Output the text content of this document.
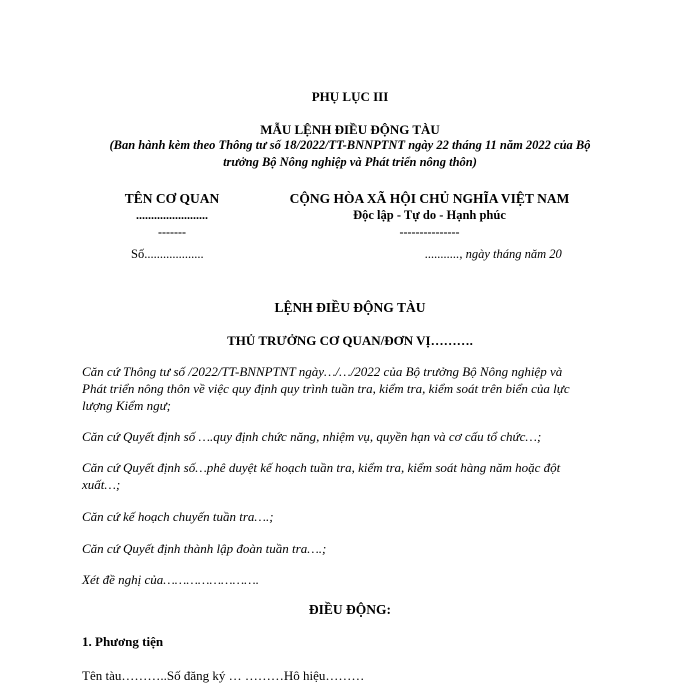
PHỤ LỤC III
MẪU LỆNH ĐIỀU ĐỘNG TÀU
(Ban hành kèm theo Thông tư số 18/2022/TT-BNNPTNT ngày 22 tháng 11 năm 2022 của Bộ
trưởng Bộ Nông nghiệp và Phát triển nông thôn)
TÊN CƠ QUAN
........................
-------
Số...................
CỘNG HÒA XÃ HỘI CHỦ NGHĨA VIỆT NAM
Độc lập - Tự do - Hạnh phúc
---------------
..........., ngày tháng năm 20
LỆNH ĐIỀU ĐỘNG TÀU
THỦ TRƯỞNG CƠ QUAN/ĐƠN VỊ……….
Căn cứ Thông tư số /2022/TT-BNNPTNT ngày…/…/2022 của Bộ trưởng Bộ Nông nghiệp và
Phát triển nông thôn về việc quy định quy trình tuần tra, kiểm tra, kiểm soát trên biển của lực
lượng Kiểm ngư;
Căn cứ Quyết định số ….quy định chức năng, nhiệm vụ, quyền hạn và cơ cấu tổ chức…;
Căn cứ Quyết định số…phê duyệt kế hoạch tuần tra, kiểm tra, kiểm soát hàng năm hoặc đột
xuất…;
Căn cứ kế hoạch chuyến tuần tra….;
Căn cứ Quyết định thành lập đoàn tuần tra….;
Xét đề nghị của…………………….
ĐIỀU ĐỘNG:
1. Phương tiện
Tên tàu………..Số đăng ký … ………Hô hiệu………
